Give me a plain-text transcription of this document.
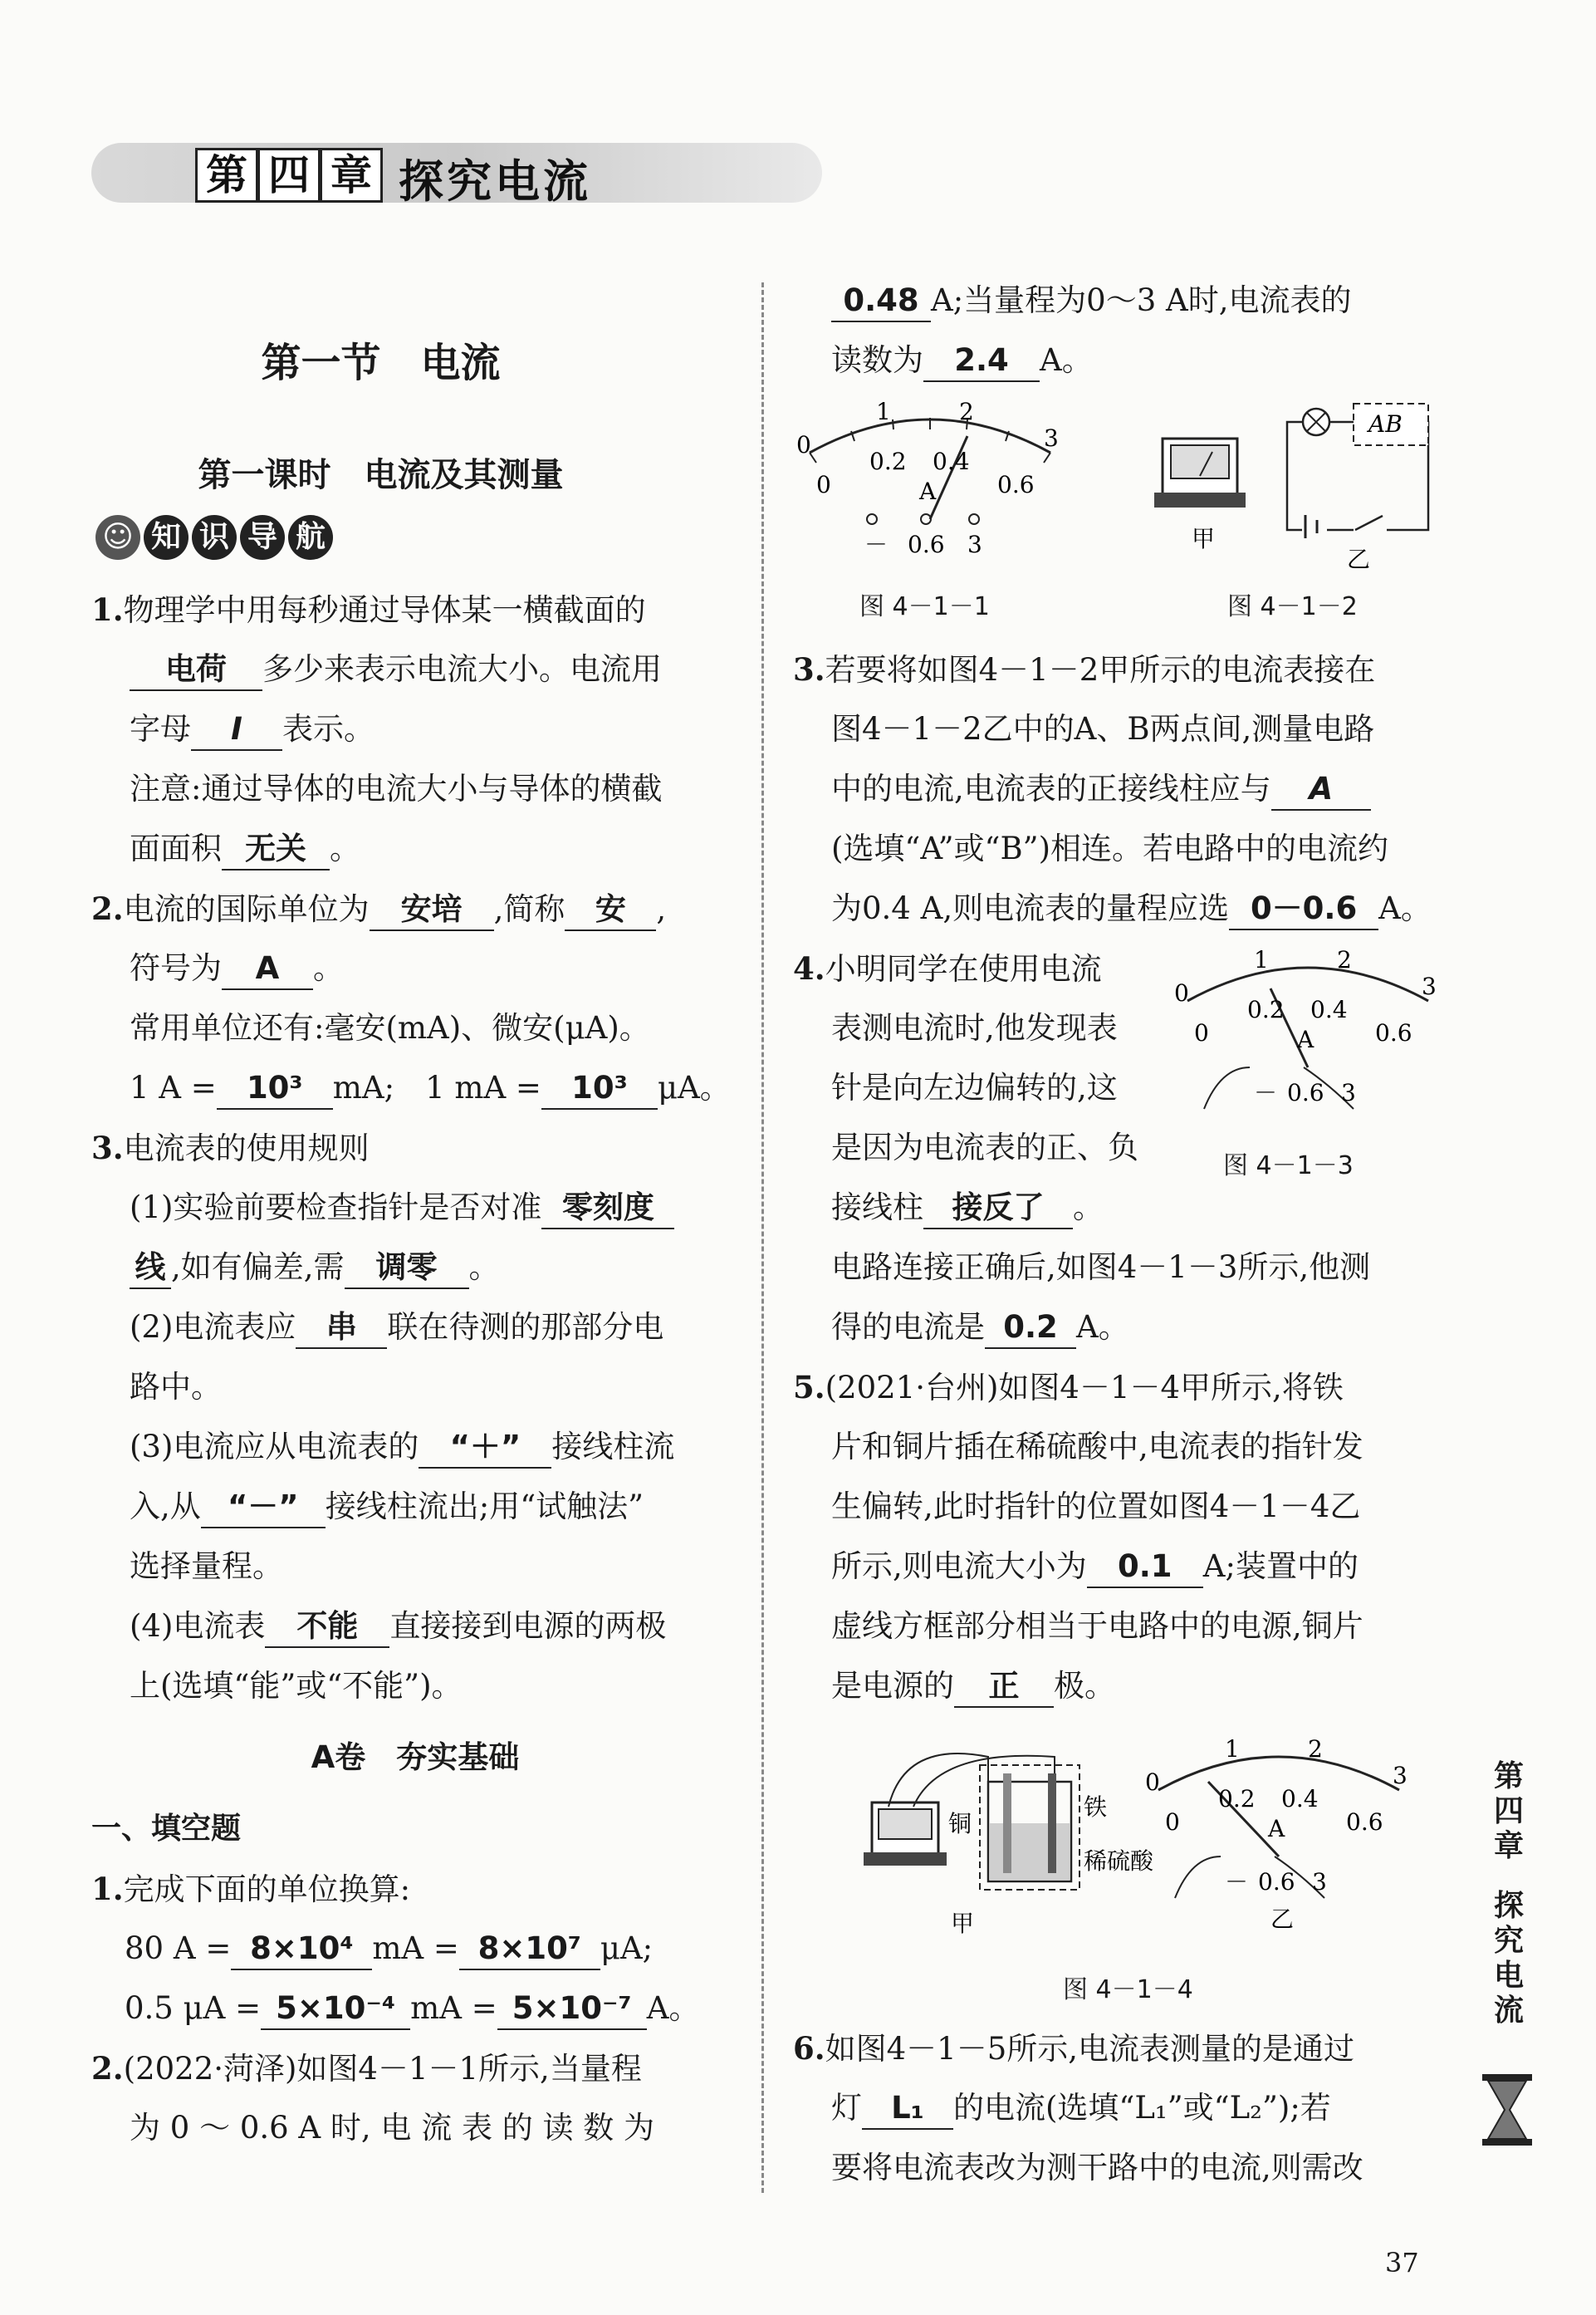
第 四 章 探究电流
第一节　电流
第一课时　电流及其测量
☺ 知 识 导 航
1.物理学中用每秒通过导体某一横截面的
电荷 多少来表示电流大小。电流用
字母 I 表示。
注意:通过导体的电流大小与导体的横截
面面积 无关 。
2.电流的国际单位为 安培 ,简称 安 ,
符号为 A 。
常用单位还有:毫安(mA)、微安(μA)。
1 A = 10³ mA;　1 mA = 10³ μA。
3.电流表的使用规则
(1)实验前要检查指针是否对准 零刻度
线 ,如有偏差,需 调零 。
(2)电流表应 串 联在待测的那部分电
路中。
(3)电流应从电流表的 “＋” 接线柱流
入,从 “－” 接线柱流出;用“试触法”
选择量程。
(4)电流表 不能 直接接到电源的两极
上(选填“能”或“不能”)。
A卷　夯实基础
一、填空题
1.完成下面的单位换算:
80 A = 8×10⁴ mA = 8×10⁷ μA;
0.5 μA = 5×10⁻⁴ mA = 5×10⁻⁷ A。
2.(2022·菏泽)如图4－1－1所示,当量程
为 0 ～ 0.6 A 时, 电 流 表 的 读 数 为
0.48 A;当量程为0～3 A时,电流表的
读数为 2.4 A。
1	2
0	3
0
0.2 0.4
0.6
A
－ 0.6 3
图 4－1－1
甲
AB
乙
图 4－1－2
3.若要将如图4－1－2甲所示的电流表接在
图4－1－2乙中的A、B两点间,测量电路
中的电流,电流表的正接线柱应与 A
(选填“A”或“B”)相连。若电路中的电流约
为0.4 A,则电流表的量程应选 0－0.6 A。
4.小明同学在使用电流
表测电流时,他发现表
针是向左边偏转的,这
是因为电流表的正、负
接线柱 接反了 。
1	2
0	3
0
0.2 0.4
0.6
A
－ 0.6 3
图 4－1－3
电路连接正确后,如图4－1－3所示,他测
得的电流是 0.2 A。
5.(2021·台州)如图4－1－4甲所示,将铁
片和铜片插在稀硫酸中,电流表的指针发
生偏转,此时指针的位置如图4－1－4乙
所示,则电流大小为 0.1 A;装置中的
虚线方框部分相当于电路中的电源,铜片
是电源的 正 极。
铜
铁
稀硫酸
甲
1	2
0	3
0
0.2 0.4
0.6
A
－ 0.6 3
乙
图 4－1－4
6.如图4－1－5所示,电流表测量的是通过
灯 L₁ 的电流(选填“L₁”或“L₂”);若
要将电流表改为测干路中的电流,则需改
第
四
章
探
究
电
流
37
